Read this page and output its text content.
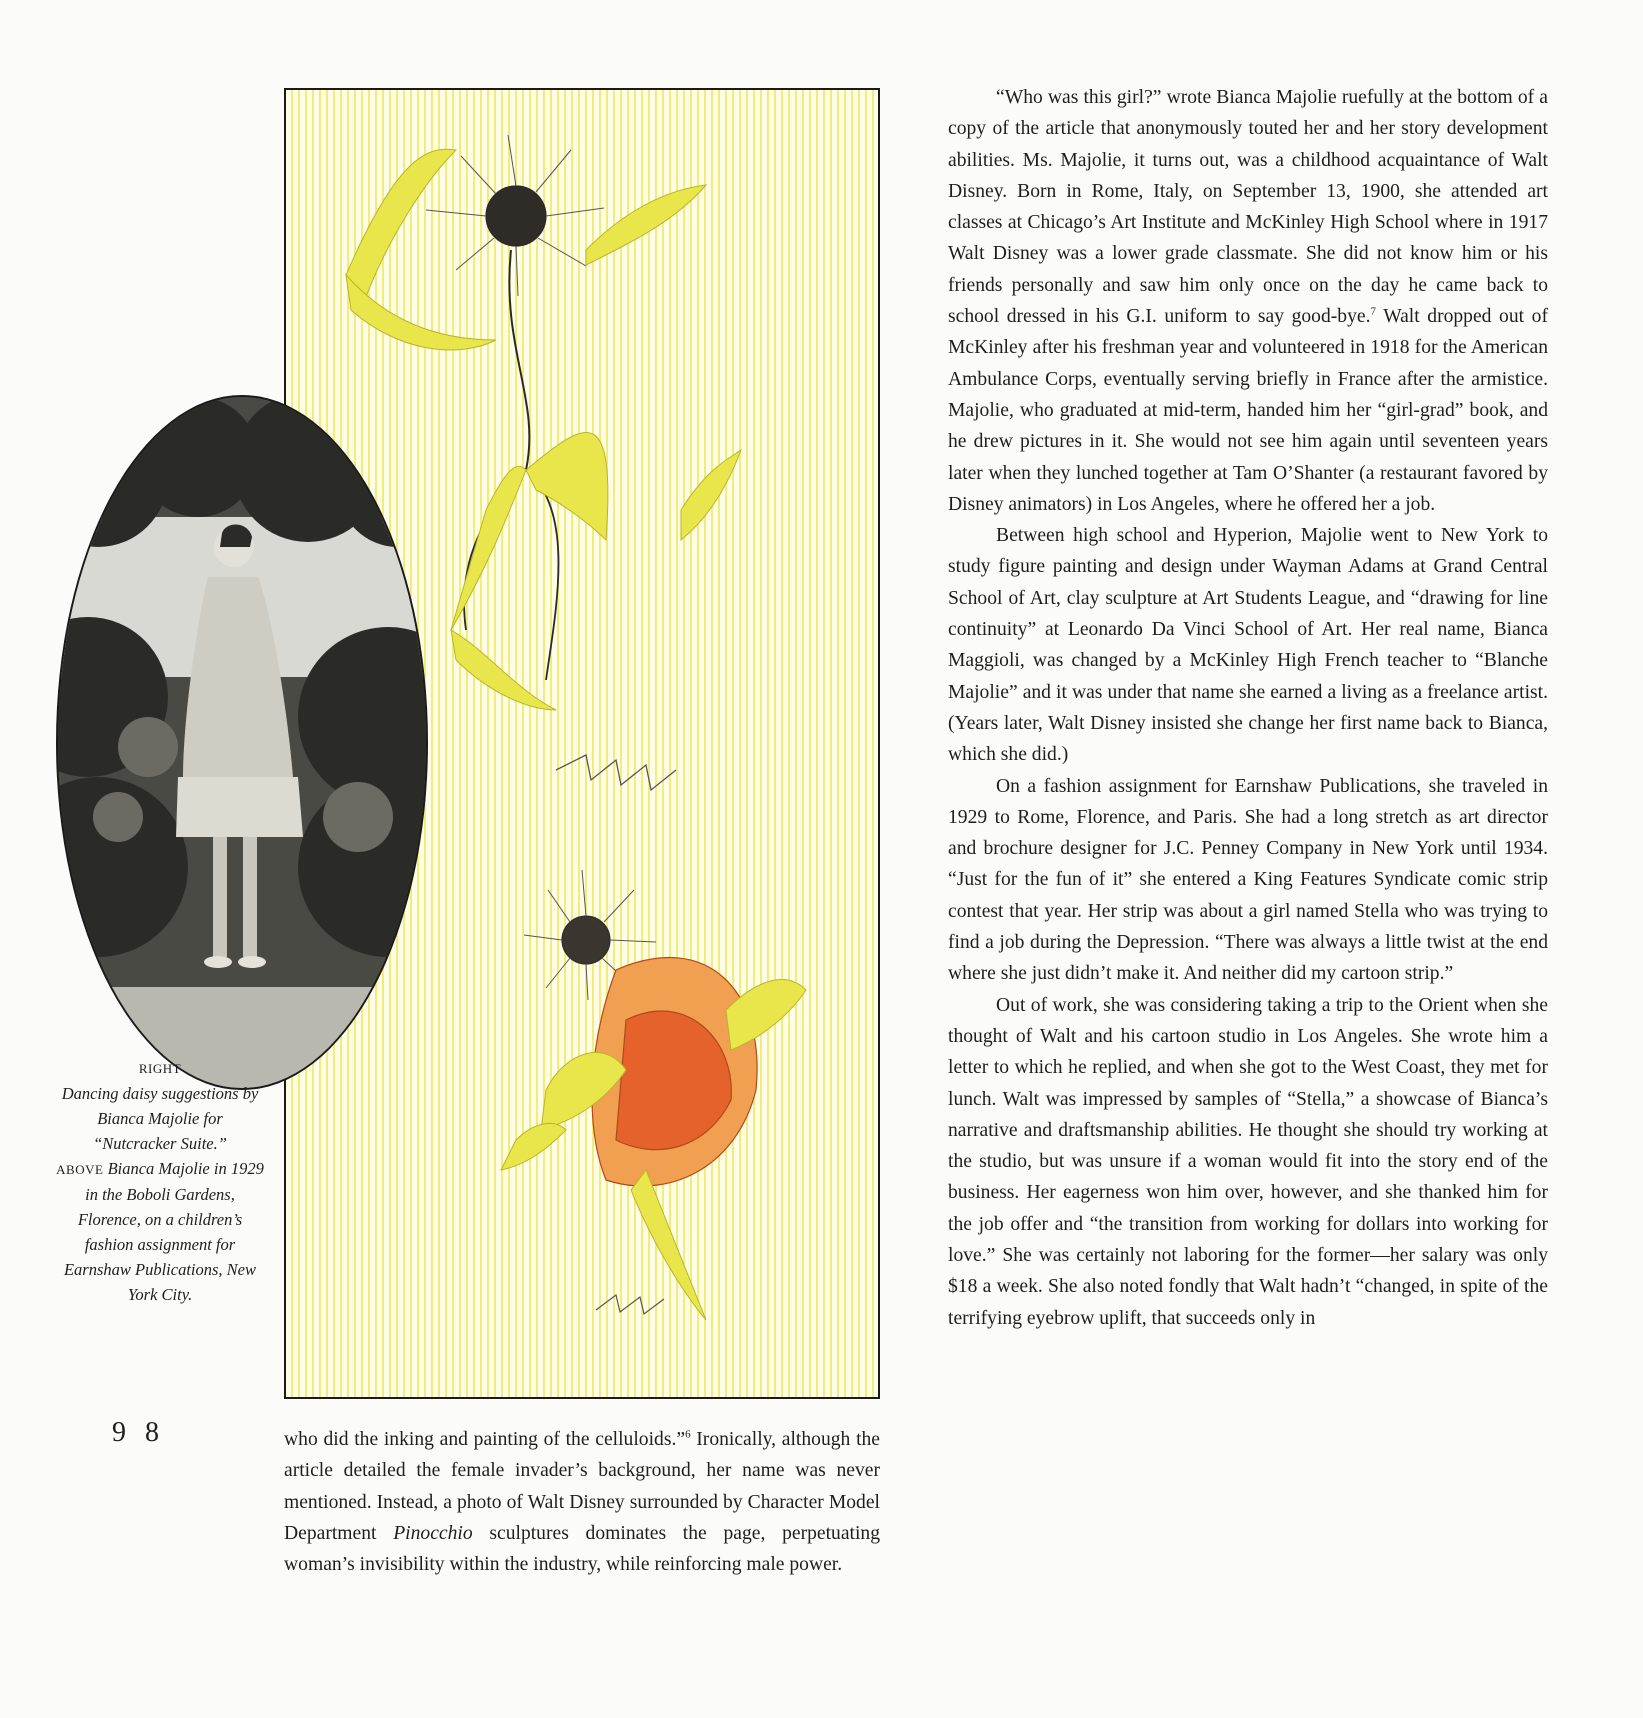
RIGHT
Dancing daisy suggestions by Bianca Majolie for “Nutcracker Suite.”
ABOVE Bianca Majolie in 1929 in the Boboli Gardens, Florence, on a children’s fashion assignment for Earnshaw Publications, New York City.
9 8	who did the inking and painting of the celluloids.”$^6$ Ironically, although the article detailed the female invader’s background, her name was never mentioned. Instead, a photo of Walt Disney surrounded by Character Model Department Pinocchio sculptures dominates the page, perpetuating woman’s invisibility within the industry, while reinforcing male power.

“Who was this girl?” wrote Bianca Majolie ruefully at the bottom of a copy of the article that anonymously touted her and her story development abilities. Ms. Majolie, it turns out, was a childhood acquaintance of Walt Disney. Born in Rome, Italy, on September 13, 1900, she attended art classes at Chicago’s Art Institute and McKinley High School where in 1917 Walt Disney was a lower grade classmate. She did not know him or his friends personally and saw him only once on the day he came back to school dressed in his G.I. uniform to say good-bye.$^7$ Walt dropped out of McKinley after his freshman year and volunteered in 1918 for the American Ambulance Corps, eventually serving briefly in France after the armistice. Majolie, who graduated at mid-term, handed him her “girl-grad” book, and he drew pictures in it. She would not see him again until seventeen years later when they lunched together at Tam O’Shanter (a restaurant favored by Disney animators) in Los Angeles, where he offered her a job.

Between high school and Hyperion, Majolie went to New York to study figure painting and design under Wayman Adams at Grand Central School of Art, clay sculpture at Art Students League, and “drawing for line continuity” at Leonardo Da Vinci School of Art. Her real name, Bianca Maggioli, was changed by a McKinley High French teacher to “Blanche Majolie” and it was under that name she earned a living as a freelance artist. (Years later, Walt Disney insisted she change her first name back to Bianca, which she did.)

On a fashion assignment for Earnshaw Publications, she traveled in 1929 to Rome, Florence, and Paris. She had a long stretch as art director and brochure designer for J.C. Penney Company in New York until 1934. “Just for the fun of it” she entered a King Features Syndicate comic strip contest that year. Her strip was about a girl named Stella who was trying to find a job during the Depression. “There was always a little twist at the end where she just didn’t make it. And neither did my cartoon strip.”

Out of work, she was considering taking a trip to the Orient when she thought of Walt and his cartoon studio in Los Angeles. She wrote him a letter to which he replied, and when she got to the West Coast, they met for lunch. Walt was impressed by samples of “Stella,” a showcase of Bianca’s narrative and draftsmanship abilities. He thought she should try working at the studio, but was unsure if a woman would fit into the story end of the business. Her eagerness won him over, however, and she thanked him for the job offer and “the transition from working for dollars into working for love.” She was certainly not laboring for the former—her salary was only $18 a week. She also noted fondly that Walt hadn’t “changed, in spite of the terrifying eyebrow uplift, that succeeds only in
